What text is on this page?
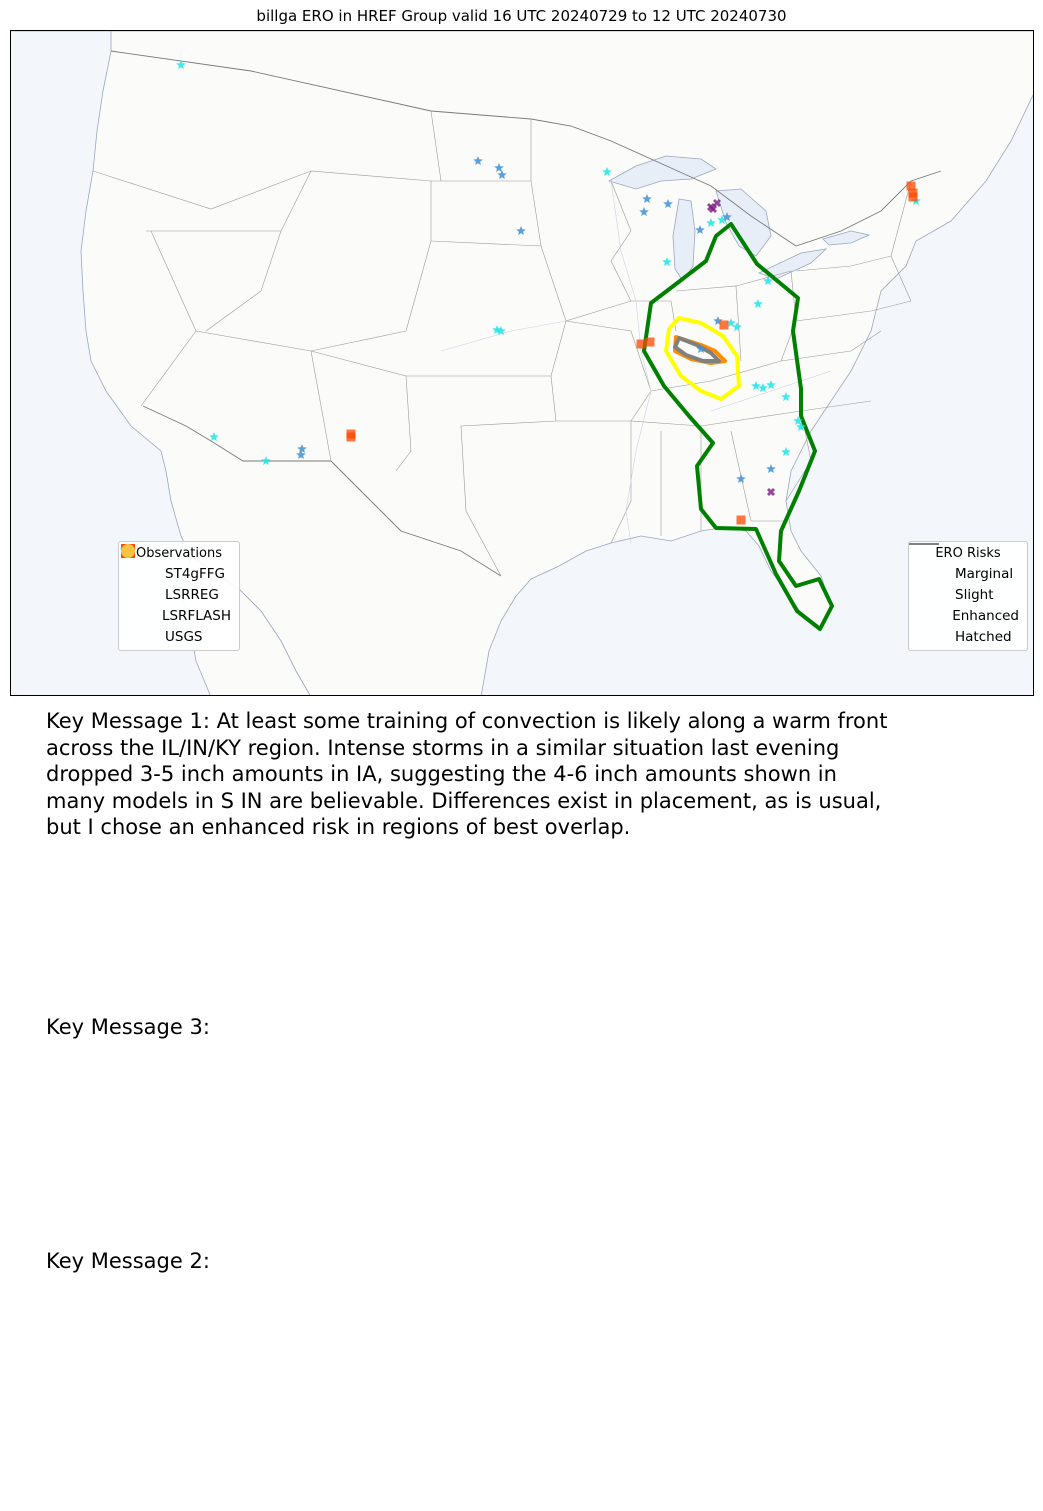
billga ERO in HREF Group valid 16 UTC 20240729 to 12 UTC 20240730
Observations
ST4gFFG
LSRREG
LSRFLASH
USGS
ERO Risks
Marginal
Slight
Enhanced
Hatched
Key Message 1: At least some training of convection is likely along a warm front
across the IL/IN/KY region. Intense storms in a similar situation last evening
dropped 3-5 inch amounts in IA, suggesting the 4-6 inch amounts shown in
many models in S IN are believable. Differences exist in placement, as is usual,
but I chose an enhanced risk in regions of best overlap.
Key Message 3:
Key Message 2:
